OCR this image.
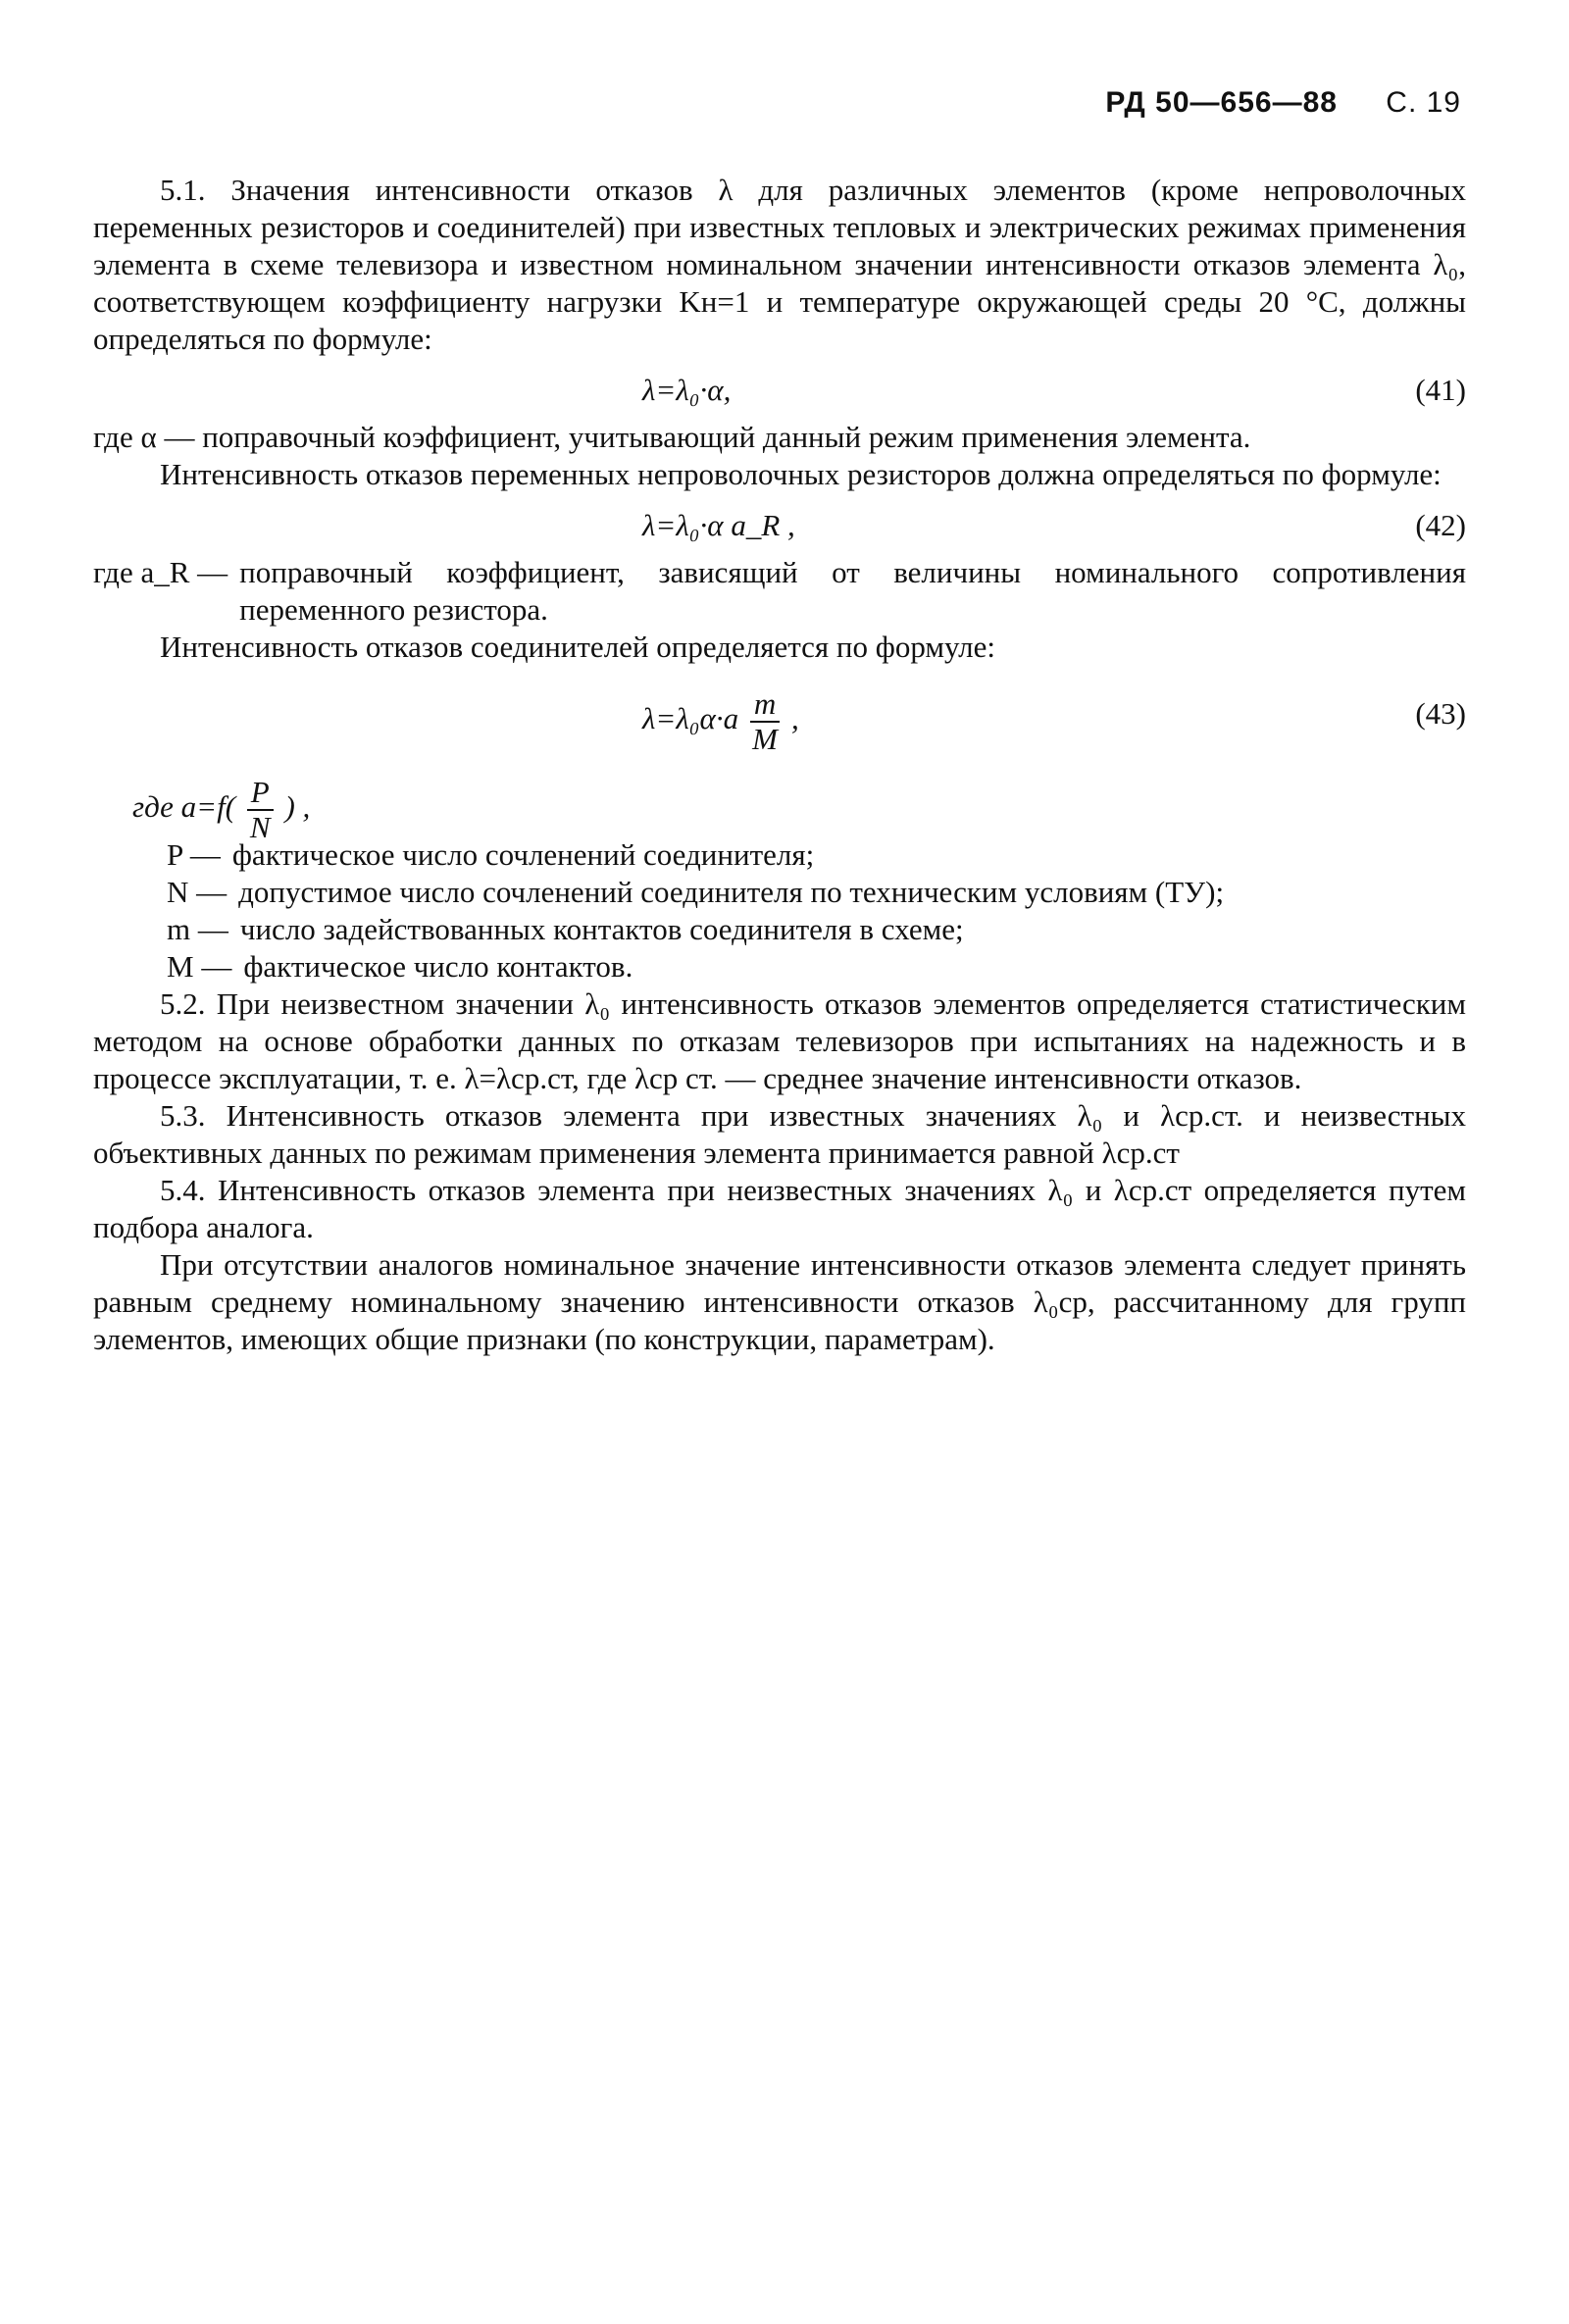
РД 50—656—88 С. 19

5.1. Значения интенсивности отказов λ для различных элементов (кроме непроволочных переменных резисторов и соединителей) при известных тепловых и электрических режимах применения элемента в схеме телевизора и известном номинальном значении интенсивности отказов элемента λ₀, соответствующем коэффициенту нагрузки Kн=1 и температуре окружающей среды 20 °С, должны определяться по формуле:

λ=λ₀·α,	(41)

где α — поправочный коэффициент, учитывающий данный режим применения элемента.

Интенсивность отказов переменных непроволочных резисторов должна определяться по формуле:

λ=λ₀·α a_R ,	(42)
где a_R — поправочный коэффициент, зависящий от величины номинального сопротивления переменного резистора.

Интенсивность отказов соединителей определяется по формуле:

$\lambda=\lambda_0\alpha\cdot a \frac{m}{M}$ ,	(43)
где $a=f( \frac{P}{N}$ ) ,
P — фактическое число сочленений соединителя;
N — допустимое число сочленений соединителя по техническим условиям (ТУ);
m — число задействованных контактов соединителя в схеме;
M — фактическое число контактов.

5.2. При неизвестном значении λ₀ интенсивность отказов элементов определяется статистическим методом на основе обработки данных по отказам телевизоров при испытаниях на надежность и в процессе эксплуатации, т. е. λ=λср.ст, где λср ст. — среднее значение интенсивности отказов.

5.3. Интенсивность отказов элемента при известных значениях λ₀ и λср.ст. и неизвестных объективных данных по режимам применения элемента принимается равной λср.ст

5.4. Интенсивность отказов элемента при неизвестных значениях λ₀ и λср.ст определяется путем подбора аналога.

При отсутствии аналогов номинальное значение интенсивности отказов элемента следует принять равным среднему номинальному значению интенсивности отказов λ₀ср, рассчитанному для групп элементов, имеющих общие признаки (по конструкции, параметрам).
